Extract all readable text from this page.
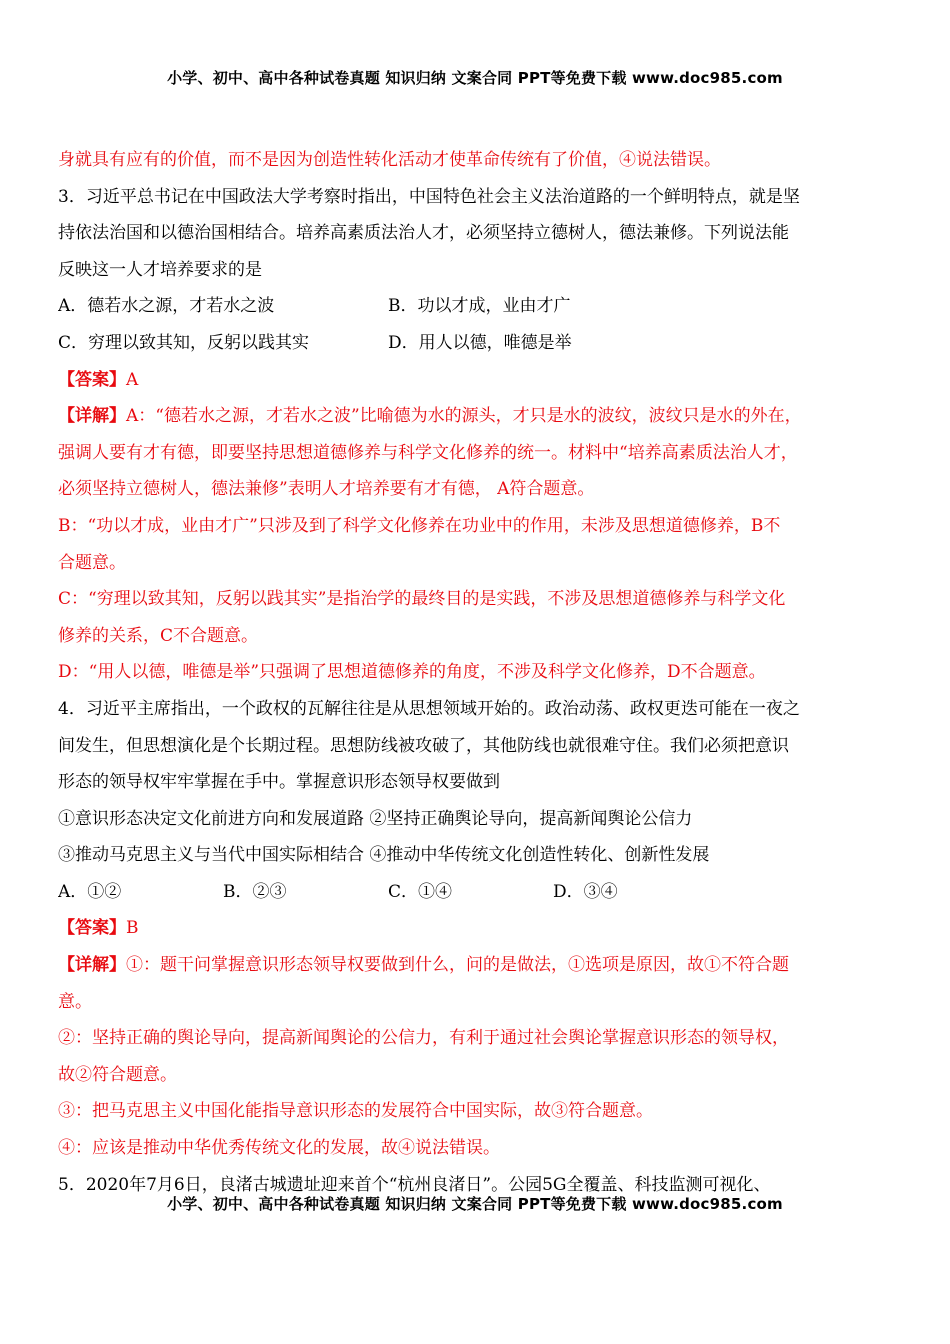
小学、初中、高中各种试卷真题 知识归纳 文案合同 PPT等免费下载 www.doc985.com
身就具有应有的价值，而不是因为创造性转化活动才使革命传统有了价值，④说法错误。
3．习近平总书记在中国政法大学考察时指出，中国特色社会主义法治道路的一个鲜明特点，就是坚
持依法治国和以德治国相结合。培养高素质法治人才，必须坚持立德树人，德法兼修。下列说法能
反映这一人才培养要求的是
A．德若水之源，才若水之波	B．功以才成，业由才广
C．穷理以致其知，反躬以践其实	D．用人以德，唯德是举
【答案】A
【详解】A：“德若水之源，才若水之波”比喻德为水的源头，才只是水的波纹，波纹只是水的外在，
强调人要有才有德，即要坚持思想道德修养与科学文化修养的统一。材料中“培养高素质法治人才，
必须坚持立德树人，德法兼修”表明人才培养要有才有德， A符合题意。
B：“功以才成，业由才广”只涉及到了科学文化修养在功业中的作用，未涉及思想道德修养，B不
合题意。
C：“穷理以致其知，反躬以践其实”是指治学的最终目的是实践，不涉及思想道德修养与科学文化
修养的关系，C不合题意。
D：“用人以德，唯德是举”只强调了思想道德修养的角度，不涉及科学文化修养，D不合题意。
4．习近平主席指出，一个政权的瓦解往往是从思想领域开始的。政治动荡、政权更迭可能在一夜之
间发生，但思想演化是个长期过程。思想防线被攻破了，其他防线也就很难守住。我们必须把意识
形态的领导权牢牢掌握在手中。掌握意识形态领导权要做到
①意识形态决定文化前进方向和发展道路 ②坚持正确舆论导向，提高新闻舆论公信力
③推动马克思主义与当代中国实际相结合 ④推动中华传统文化创造性转化、创新性发展
A．①②	B．②③	C．①④	D．③④
【答案】B
【详解】①：题干问掌握意识形态领导权要做到什么，问的是做法，①选项是原因，故①不符合题
意。
②：坚持正确的舆论导向，提高新闻舆论的公信力，有利于通过社会舆论掌握意识形态的领导权，
故②符合题意。
③：把马克思主义中国化能指导意识形态的发展符合中国实际，故③符合题意。
④：应该是推动中华优秀传统文化的发展，故④说法错误。
5．2020年7月6日，良渚古城遗址迎来首个“杭州良渚日”。公园5G全覆盖、科技监测可视化、
小学、初中、高中各种试卷真题 知识归纳 文案合同 PPT等免费下载 www.doc985.com
